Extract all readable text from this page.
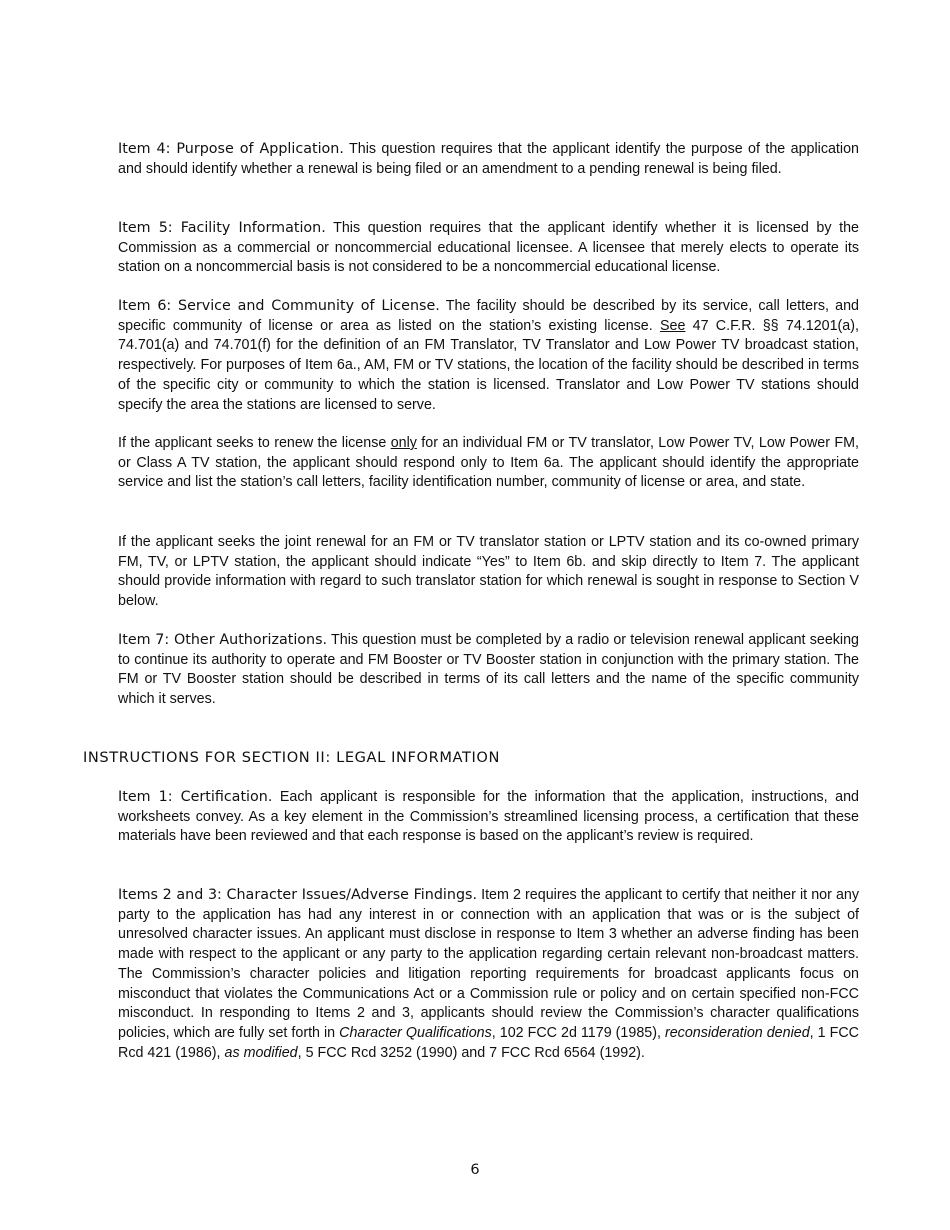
Item 4: Purpose of Application. This question requires that the applicant identify the purpose of the application and should identify whether a renewal is being filed or an amendment to a pending renewal is being filed.

Item 5: Facility Information. This question requires that the applicant identify whether it is licensed by the Commission as a commercial or noncommercial educational licensee. A licensee that merely elects to operate its station on a noncommercial basis is not considered to be a noncommercial educational license.

Item 6: Service and Community of License. The facility should be described by its service, call letters, and specific community of license or area as listed on the station’s existing license. See 47 C.F.R. §§ 74.1201(a), 74.701(a) and 74.701(f) for the definition of an FM Translator, TV Translator and Low Power TV broadcast station, respectively. For purposes of Item 6a., AM, FM or TV stations, the location of the facility should be described in terms of the specific city or community to which the station is licensed. Translator and Low Power TV stations should specify the area the stations are licensed to serve.

If the applicant seeks to renew the license only for an individual FM or TV translator, Low Power TV, Low Power FM, or Class A TV station, the applicant should respond only to Item 6a. The applicant should identify the appropriate service and list the station’s call letters, facility identification number, community of license or area, and state.

If the applicant seeks the joint renewal for an FM or TV translator station or LPTV station and its co-owned primary FM, TV, or LPTV station, the applicant should indicate “Yes” to Item 6b. and skip directly to Item 7. The applicant should provide information with regard to such translator station for which renewal is sought in response to Section V below.

Item 7: Other Authorizations. This question must be completed by a radio or television renewal applicant seeking to continue its authority to operate and FM Booster or TV Booster station in conjunction with the primary station. The FM or TV Booster station should be described in terms of its call letters and the name of the specific community which it serves.

INSTRUCTIONS FOR SECTION II: LEGAL INFORMATION

Item 1: Certification. Each applicant is responsible for the information that the application, instructions, and worksheets convey. As a key element in the Commission’s streamlined licensing process, a certification that these materials have been reviewed and that each response is based on the applicant’s review is required.

Items 2 and 3: Character Issues/Adverse Findings. Item 2 requires the applicant to certify that neither it nor any party to the application has had any interest in or connection with an application that was or is the subject of unresolved character issues. An applicant must disclose in response to Item 3 whether an adverse finding has been made with respect to the applicant or any party to the application regarding certain relevant non-broadcast matters. The Commission’s character policies and litigation reporting requirements for broadcast applicants focus on misconduct that violates the Communications Act or a Commission rule or policy and on certain specified non-FCC misconduct. In responding to Items 2 and 3, applicants should review the Commission’s character qualifications policies, which are fully set forth in Character Qualifications, 102 FCC 2d 1179 (1985), reconsideration denied, 1 FCC Rcd 421 (1986), as modified, 5 FCC Rcd 3252 (1990) and 7 FCC Rcd 6564 (1992).

6
